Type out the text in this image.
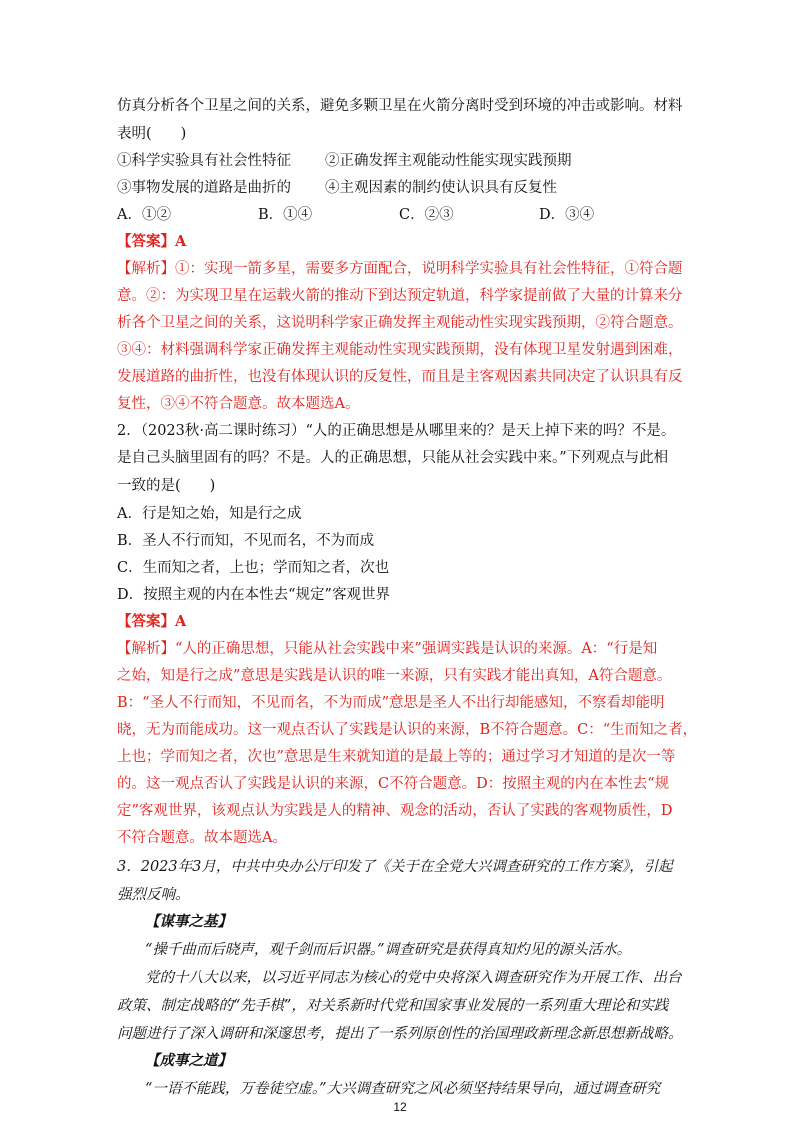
仿真分析各个卫星之间的关系，避免多颗卫星在火箭分离时受到环境的冲击或影响。材料
表明(　　)
①科学实验具有社会性特征 ②正确发挥主观能动性能实现实践预期
③事物发展的道路是曲折的 ④主观因素的制约使认识具有反复性
A．①②	B．①④	C．②③	D．③④
【答案】A
【解析】①：实现一箭多星，需要多方面配合，说明科学实验具有社会性特征，①符合题
意。②：为实现卫星在运载火箭的推动下到达预定轨道，科学家提前做了大量的计算来分
析各个卫星之间的关系，这说明科学家正确发挥主观能动性实现实践预期，②符合题意。
③④：材料强调科学家正确发挥主观能动性实现实践预期，没有体现卫星发射遇到困难，
发展道路的曲折性，也没有体现认识的反复性，而且是主客观因素共同决定了认识具有反
复性，③④不符合题意。故本题选A。
2．（2023秋·高二课时练习）“人的正确思想是从哪里来的？是天上掉下来的吗？不是。
是自己头脑里固有的吗？不是。人的正确思想，只能从社会实践中来。”下列观点与此相
一致的是(　　)
A．行是知之始，知是行之成
B．圣人不行而知，不见而名，不为而成
C．生而知之者，上也；学而知之者，次也
D．按照主观的内在本性去“规定”客观世界
【答案】A
【解析】“人的正确思想，只能从社会实践中来”强调实践是认识的来源。A：“行是知
之始，知是行之成”意思是实践是认识的唯一来源，只有实践才能出真知，A符合题意。
B：“圣人不行而知，不见而名，不为而成”意思是圣人不出行却能感知，不察看却能明
晓，无为而能成功。这一观点否认了实践是认识的来源，B不符合题意。C：“生而知之者，
上也；学而知之者，次也”意思是生来就知道的是最上等的；通过学习才知道的是次一等
的。这一观点否认了实践是认识的来源，C不符合题意。D：按照主观的内在本性去“规
定”客观世界，该观点认为实践是人的精神、观念的活动，否认了实践的客观物质性，D
不符合题意。故本题选A。
3．2023年3月，中共中央办公厅印发了《关于在全党大兴调查研究的工作方案》，引起
强烈反响。
【谋事之基】
“操千曲而后晓声，观千剑而后识器。”调查研究是获得真知灼见的源头活水。
党的十八大以来，以习近平同志为核心的党中央将深入调查研究作为开展工作、出台
政策、制定战略的“先手棋”，对关系新时代党和国家事业发展的一系列重大理论和实践
问题进行了深入调研和深邃思考，提出了一系列原创性的治国理政新理念新思想新战略。
【成事之道】
“一语不能践，万卷徒空虚。”大兴调查研究之风必须坚持结果导向，通过调查研究
12
